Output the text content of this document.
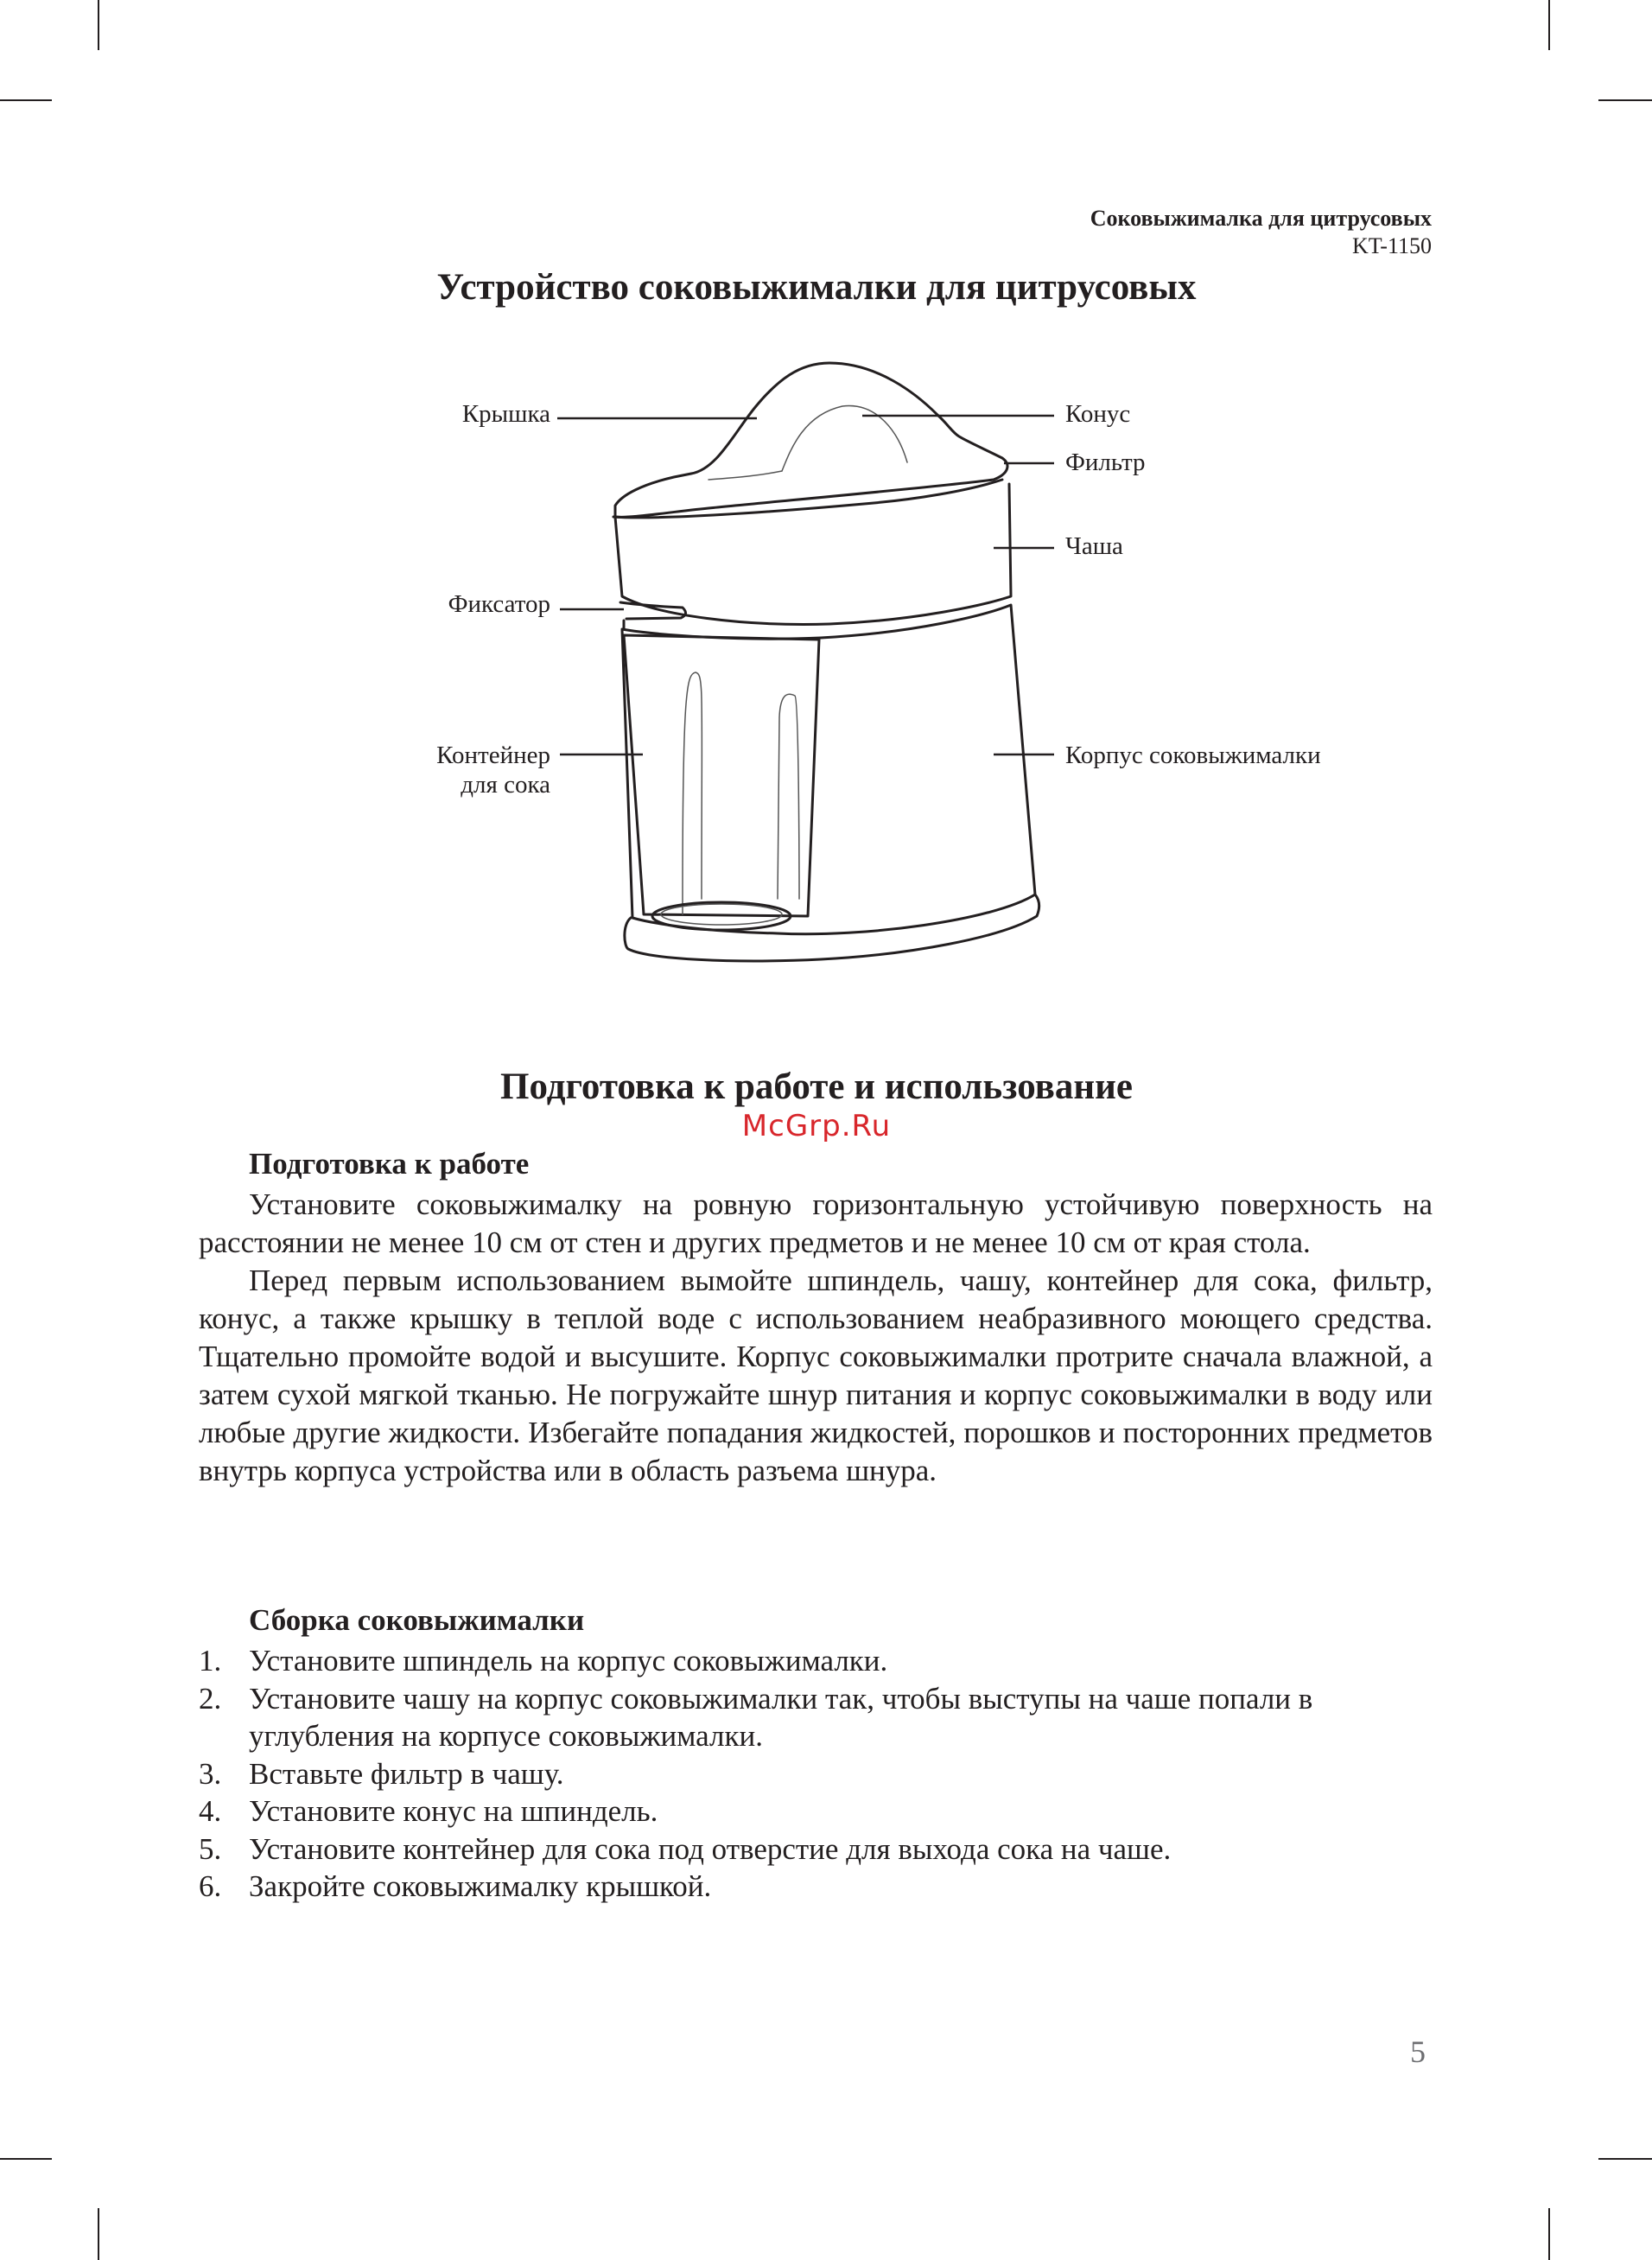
Соковыжималка для цитрусовых
KT-1150
Устройство соковыжималки для цитрусовых
Крышка	Конус
Фильтр
Чаша
Фиксатор
Контейнер
для сока
Корпус соковыжималки
Подготовка к работе и использование
McGrp.Ru
Подготовка к работе

Установите соковыжималку на ровную горизонтальную устойчивую поверхность на расстоянии не менее 10 см от стен и других предметов и не менее 10 см от края стола.

Перед первым использованием вымойте шпиндель, чашу, контейнер для сока, фильтр, конус, а также крышку в теплой воде с использованием неабразивного моющего средства. Тщательно промойте водой и высушите. Корпус соковыжималки протрите сначала влажной, а затем сухой мягкой тканью. Не погружайте шнур питания и корпус соковыжималки в воду или любые другие жидкости. Избегайте попадания жидкостей, порошков и посторонних предметов внутрь корпуса устройства или в область разъема шнура.

Сборка соковыжималки
1. Установите шпиндель на корпус соковыжималки.
2. Установите чашу на корпус соковыжималки так, чтобы выступы на чаше попали в углубления на корпусе соковыжималки.
3. Вставьте фильтр в чашу.
4. Установите конус на шпиндель.
5. Установите контейнер для сока под отверстие для выхода сока на чаше.
6. Закройте соковыжималку крышкой.
5
